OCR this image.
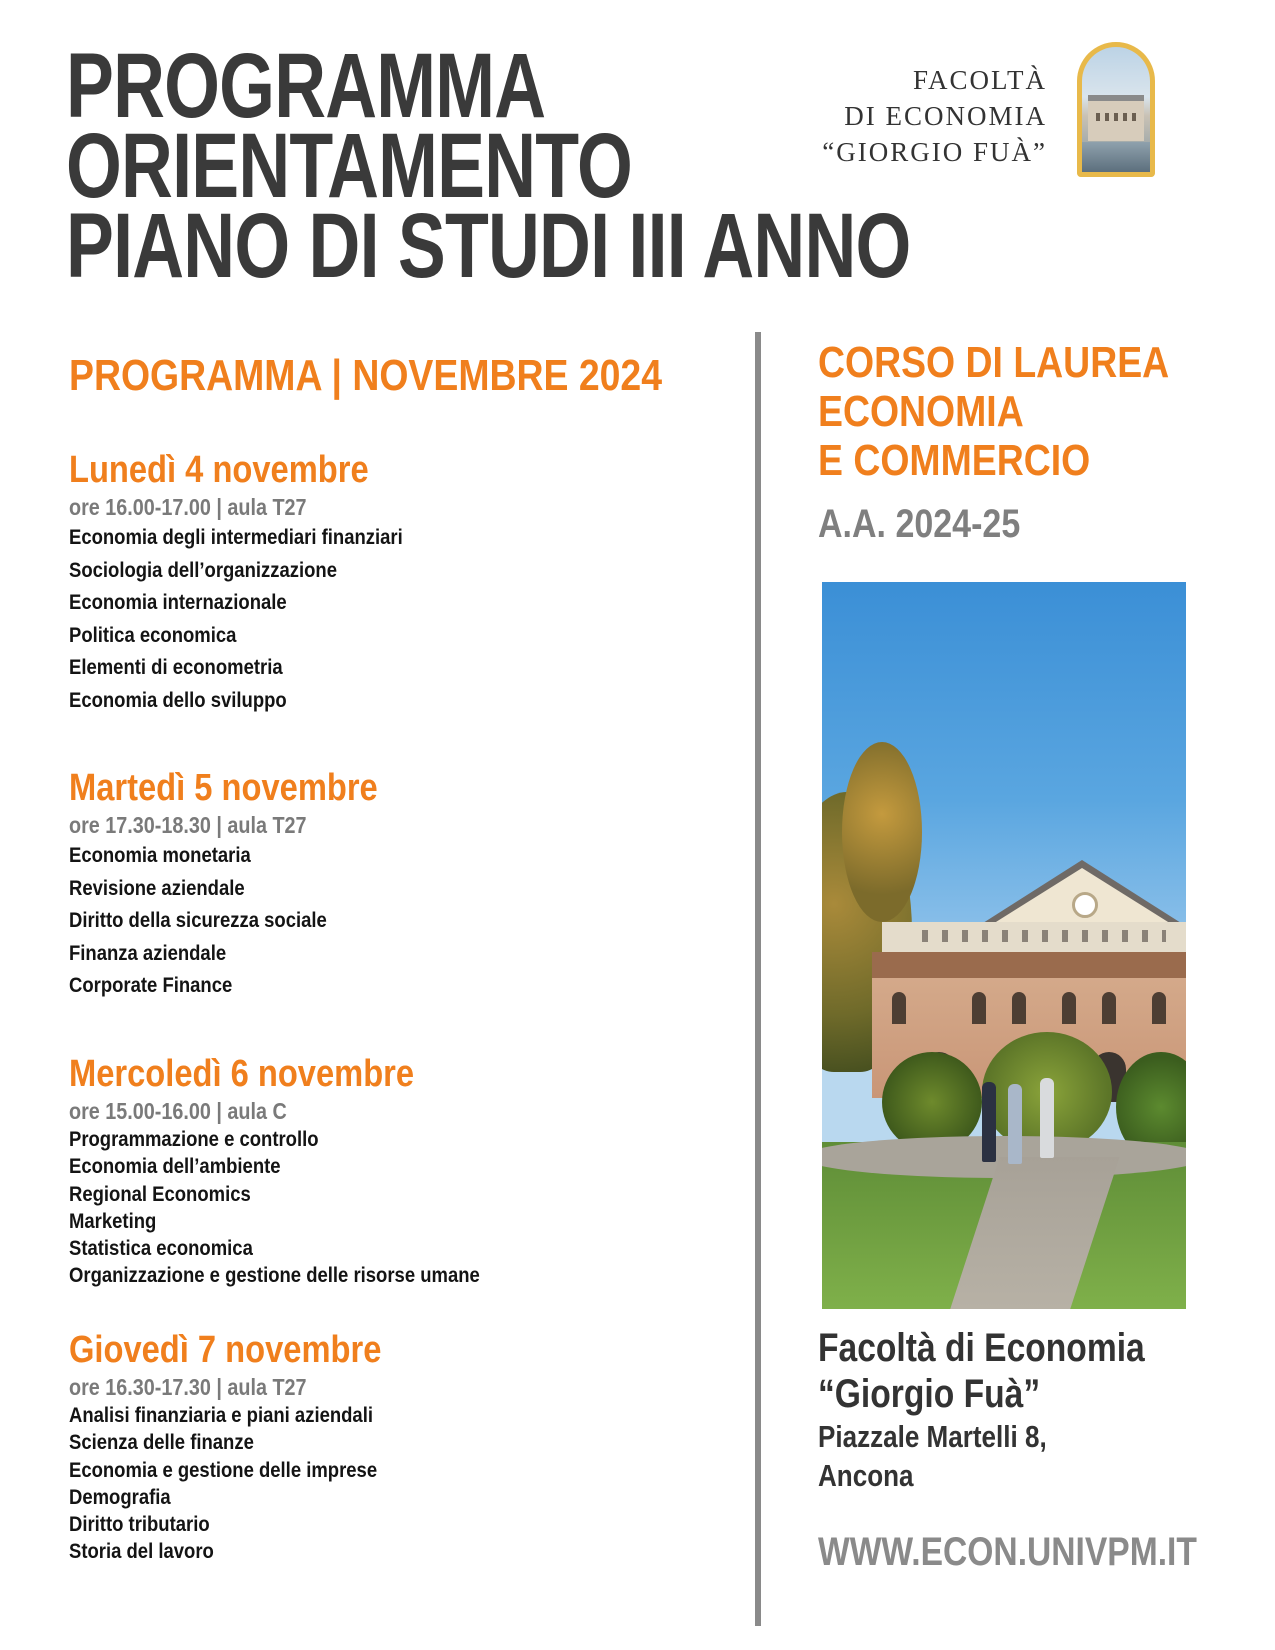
PROGRAMMA
ORIENTAMENTO
PIANO DI STUDI III ANNO
FACOLTÀ
DI ECONOMIA
“GIORGIO FUÀ”
PROGRAMMA | NOVEMBRE 2024
Lunedì 4 novembre
ore 16.00-17.00 | aula T27
Economia degli intermediari finanziari
Sociologia dell’organizzazione
Economia internazionale
Politica economica
Elementi di econometria
Economia dello sviluppo
Martedì 5 novembre
ore 17.30-18.30 | aula T27
Economia monetaria
Revisione aziendale
Diritto della sicurezza sociale
Finanza aziendale
Corporate Finance
Mercoledì 6 novembre
ore 15.00-16.00 | aula C
Programmazione e controllo
Economia dell’ambiente
Regional Economics
Marketing
Statistica economica
Organizzazione e gestione delle risorse umane
Giovedì 7 novembre
ore 16.30-17.30 | aula T27
Analisi finanziaria e piani aziendali
Scienza delle finanze
Economia e gestione delle imprese
Demografia
Diritto tributario
Storia del lavoro
CORSO DI LAUREA
ECONOMIA
E COMMERCIO
A.A. 2024-25
Facoltà di Economia
“Giorgio Fuà”
Piazzale Martelli 8,
Ancona
WWW.ECON.UNIVPM.IT
